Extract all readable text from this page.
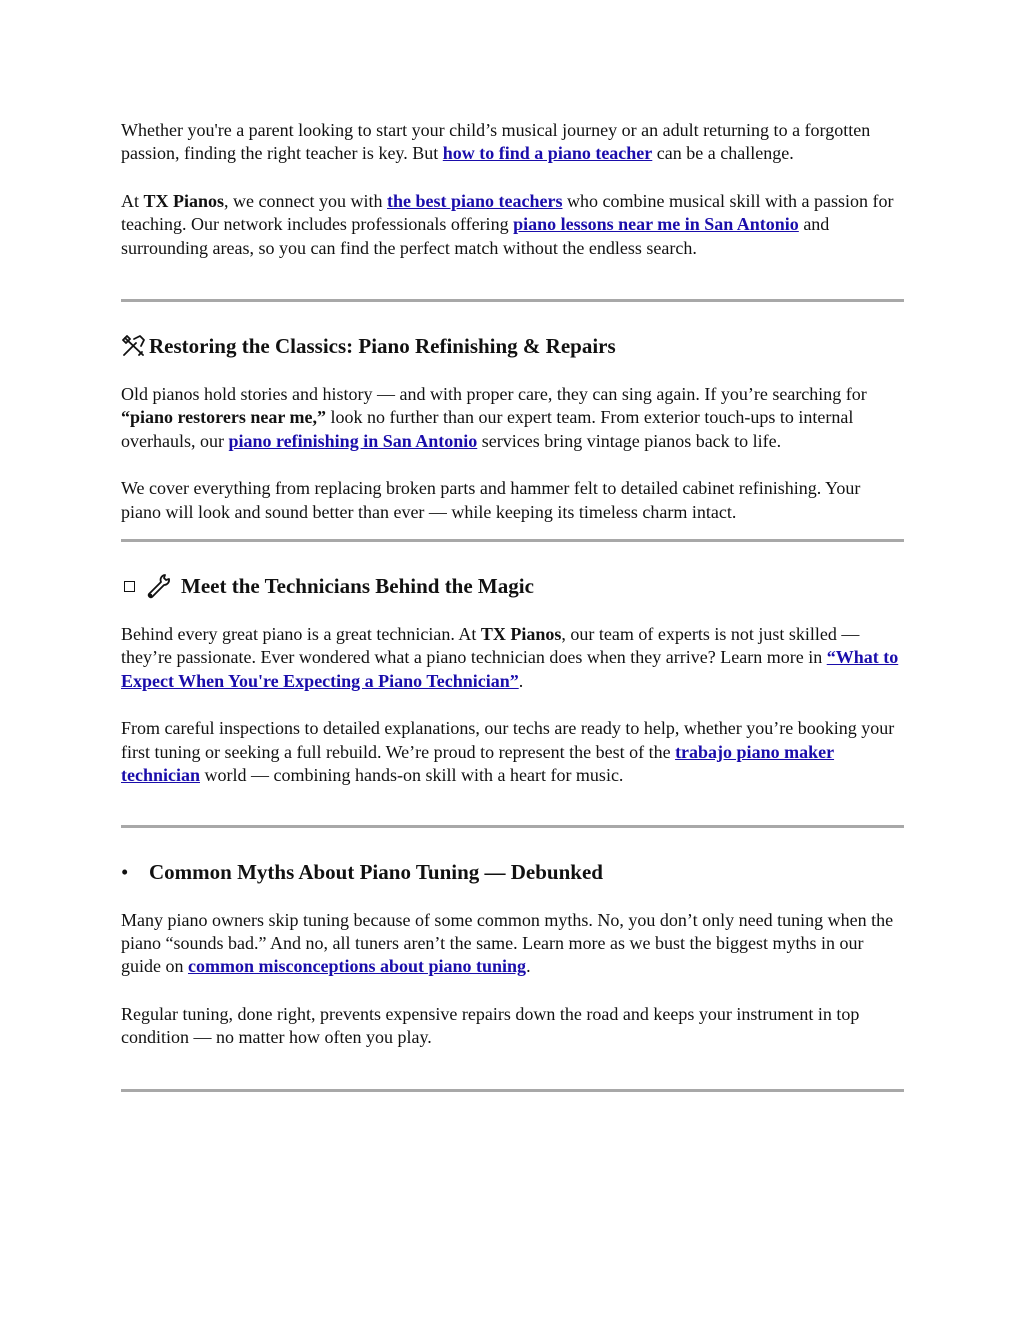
Whether you're a parent looking to start your child’s musical journey or an adult returning to a forgotten passion, finding the right teacher is key. But how to find a piano teacher can be a challenge.

At TX Pianos, we connect you with the best piano teachers who combine musical skill with a passion for teaching. Our network includes professionals offering piano lessons near me in San Antonio and surrounding areas, so you can find the perfect match without the endless search.

Restoring the Classics: Piano Refinishing & Repairs

Old pianos hold stories and history — and with proper care, they can sing again. If you’re searching for “piano restorers near me,” look no further than our expert team. From exterior touch-ups to internal overhauls, our piano refinishing in San Antonio services bring vintage pianos back to life.

We cover everything from replacing broken parts and hammer felt to detailed cabinet refinishing. Your piano will look and sound better than ever — while keeping its timeless charm intact.

Meet the Technicians Behind the Magic

Behind every great piano is a great technician. At TX Pianos, our team of experts is not just skilled — they’re passionate. Ever wondered what a piano technician does when they arrive? Learn more in “What to Expect When You're Expecting a Piano Technician”.

From careful inspections to detailed explanations, our techs are ready to help, whether you’re booking your first tuning or seeking a full rebuild. We’re proud to represent the best of the trabajo piano maker technician world — combining hands-on skill with a heart for music.

• Common Myths About Piano Tuning — Debunked

Many piano owners skip tuning because of some common myths. No, you don’t only need tuning when the piano “sounds bad.” And no, all tuners aren’t the same. Learn more as we bust the biggest myths in our guide on common misconceptions about piano tuning.

Regular tuning, done right, prevents expensive repairs down the road and keeps your instrument in top condition — no matter how often you play.
